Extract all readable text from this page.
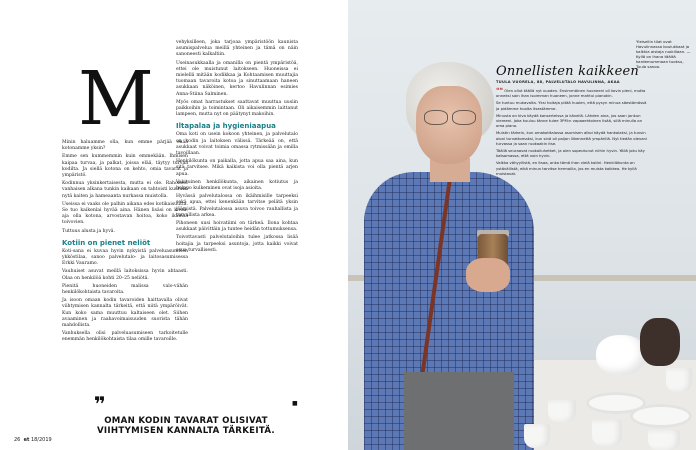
M

Minin haluamme olla, kun emme pärjää enää kotonamme yksin?

Emme sen kummemmin kuin emmekään. Ihmisen kaipaa turvaa, ja palkat, joissa elää, täytyy turvaa kodilta. Ja siellä kotona on kehto, omia tavarat ja ympäristö.

Kodinnua yksinkertaisesta, mutta ei ole. Rahoneet vanhaisen alkana tunkin kaikaan on tahtoisti kuuluen nytä kaiten ja hameaanta nurkassa muistolla.

Useissa ei vaaks ole palhin aikana edes kotikaisuutta. Se tuo kaikenlai hyvää aina. Hänen lisäsi on kivaa, aja olla kotona, arvostavan hoitoa, koko ikäinsä toivovien.

Tuttuus alusta ja hyvä.

Kotiin on pienet neliöt

Koti-sana ei kuvaa hyvin nykyistä palveluasumisen ykköstilaa, sanoo palvelutalo- ja laitosasumisessa Erkki Vauramo.

Vauhuiset asuvat meillä laitoksissa hyvin ahtaasti. Olaa on henkilöä kohti 20–25 neliötä.

Pienitä huoneiden malissa valo-vähän henkilökohtaista tavaroita.

Ja isoon omaan kodin tavaroiden haittavalla olivat viihtymisen kannalta tärkeitä, että niitä ympäröivät. Kun koko sama muuttuu kaltaiseen olet. Siihen avaaminen ja raahavoimaisuuden suorista tähän mahdollista.

Vanhuksella olisi palveluasumiseen tarkoitetulle enemmän henkilökohtaista tilaa omille tavaroille.

vehyksilleen, joka tarjoaa ympäristöön kaunista asumispalvelua meillä yhteinen ja tämä on näin sanoneesti kalkaltiin.

Useinasukkaalla ja omanilla on pientä ympäristöä, ettei ole muistunut laitokseen. Huoneissa ei mielellä mitään kodikkaa ja Kohtaamisen muuttajia tuomaan tavaroita kotoa ja sinuttaamaan haneen asukkaan näköinen, kertoo Havulinnan esimies Anna-Stiina Salminen.

Myös omat harrastukset saattavat muuttua uusiin paikkoihin ja toimintaan. Oli aikaisemmin laittanut lampeen, mutta nyt on päätynyt makoihin.

Iltapalaa ja hygieniaapua

Oma koti on usein kokoon yhteinen, ja palvelutalo on kodin ja laitoksen välissä. Tärkeää on, että asukkaat voivat toimia omassa rytmissään ja omilla tavoillaan.

Henkilökunta on paikalla, jotta apua saa aina, kun sitä tarvitsee. Mikä kaikista voi olla pientä arjen apua.

Vakituinen henkilökunta, aikainen kotiutus ja helppo kulkeminen ovat isoja asioita.

Hyvässä palvelutalossa on ikäihmisille tarpeeksi sekä apua, ettei kenenkään tarvitse pelätä yksin jäämistä. Palvelutalossa asuva toivoo rauhallista ja turvallista arkea.

Pihoneen uusi hoivatiimi on tärkeä. Ilona kohtaa asukkaat päivittäin ja tuntee heidän tottumuksensa.

Toivottavasti palvelutaloihin tulee jatkossa lisää hoitajia ja tarpeeksi asuntoja, jotta kaikki voivat asua turvallisesti.

■
❞
OMAN KODIN TAVARAT OLISIVAT VIIHTYMISEN KANNALTA TÄRKEITÄ.
26 et 18/2019
Yleisellin tilat ovat Havulinnassa koulukkaat ja kalkkia aistaja ruokillaan. — Kyllä on ihana täältä kardemummaan tuoksu, Tuula sanoo.
Onnellisten kaikkeen
TUULA VUORELA, 88, PALVELUTALO HAVULINNA, AKAA

❝❝ Olen ollut täällä nyt vuoden. Ensimmäinen huoneeni oli kovin pieni, mutta onneksi sain ihan isoimman huoneen, jonne mahtui pianokin.

Se tuntuu mukavalta. Yksi hoitaja pitää huolen, että pysyn minua säestämässä ja pidämme huolta itsestämme.

Minusta on kiva käydä konserteissa ja kävellä. Lähden aina, jos saan jonkun viereeni. Joka kuuluu tänne tulee 3PM:n vapaaehtoinen lisää, sillä minulla on oma piano.

Muistin tärkein, kun omakotitalossa asumisen alkoi käydä hankalaksi, ja tunsin oloni turvattomaksi, kun sinä oli paljon liikennettä ympärillä. Nyt tiedän olevani turvassa ja saan ruokaakin itse.

Täällä seuraavat ruokailuhetket, ja olen sopeutunut niihin hyvin. Yöllä joku käy katsomassa, että voin hyvin.

Valkka vähyyllistä, en itsaa, onko tämä ihan vielä kotini. Henkilökunta on ystävällistä, eikä minun tarvitse hermoilla, jos en muista kaikkea. He kyllä muistavat.
